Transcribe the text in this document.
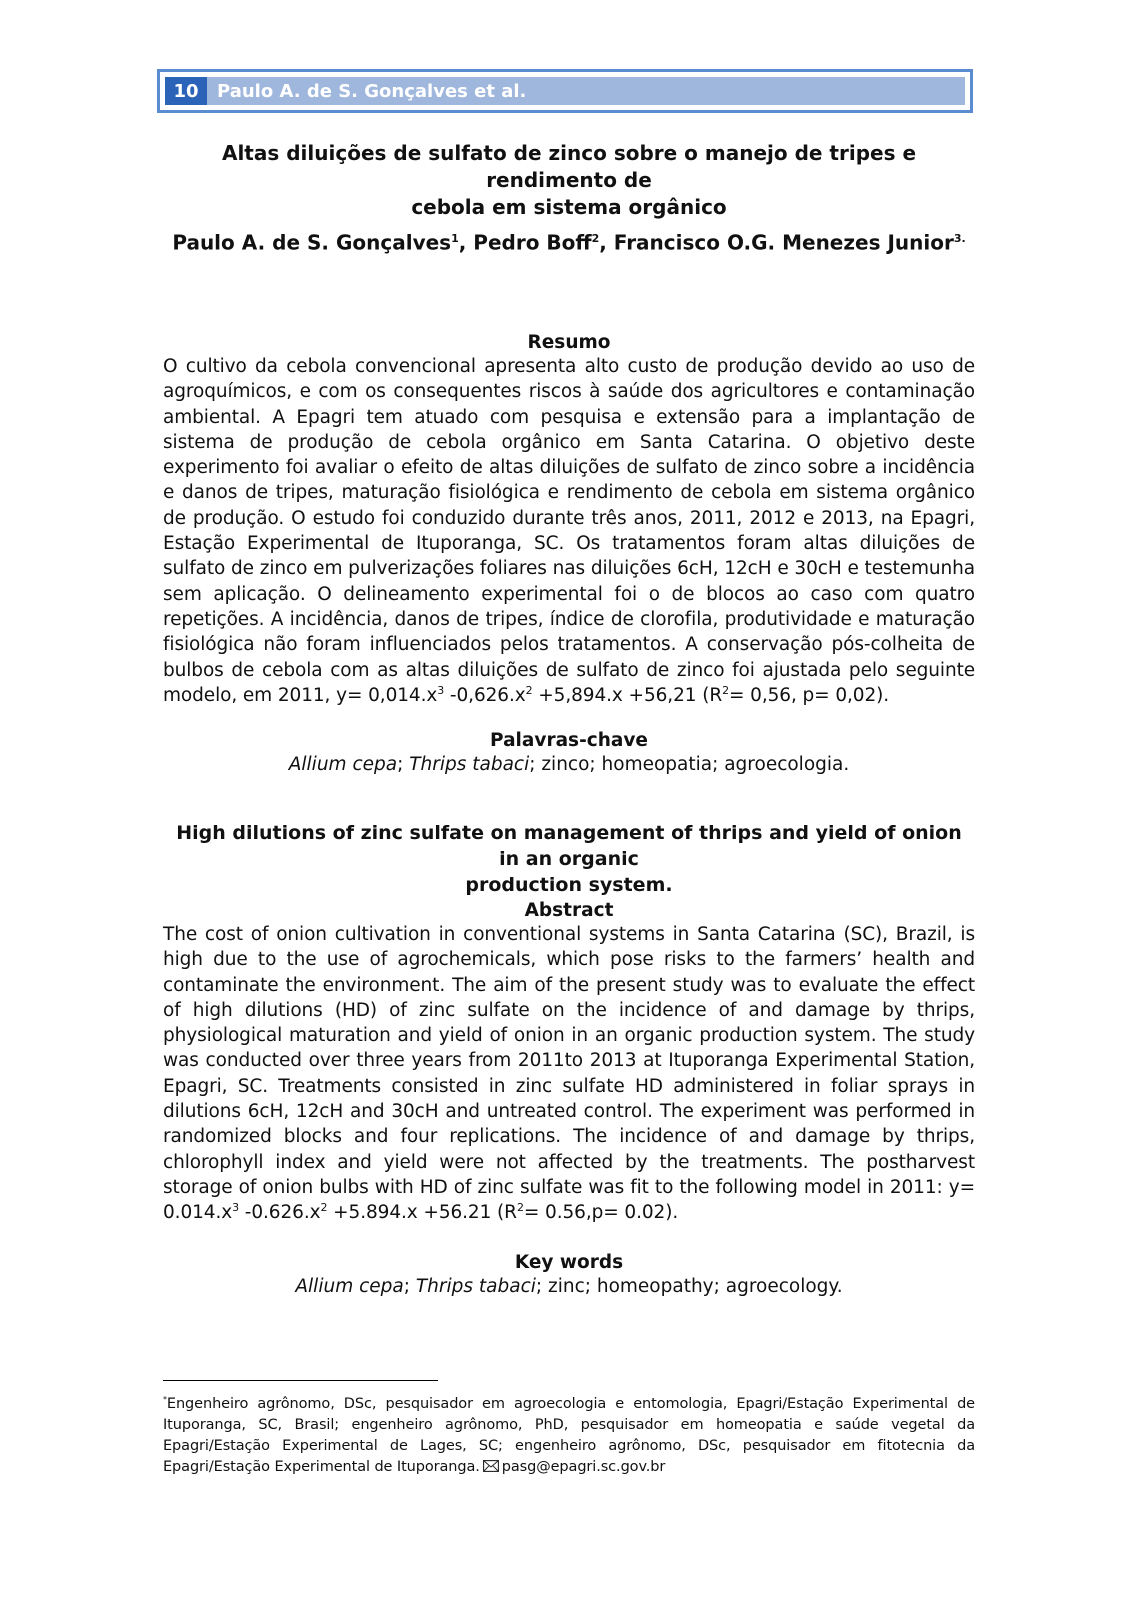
10	Paulo A. de S. Gonçalves et al.
Altas diluições de sulfato de zinco sobre o manejo de tripes e rendimento de
cebola em sistema orgânico
Paulo A. de S. Gonçalves$^1$, Pedro Boff$^2$, Francisco O.G. Menezes Junior$^{3.}$
Resumo
O cultivo da cebola convencional apresenta alto custo de produção devido ao uso de agroquímicos, e com os consequentes riscos à saúde dos agricultores e contaminação ambiental. A Epagri tem atuado com pesquisa e extensão para a implantação de sistema de produção de cebola orgânico em Santa Catarina. O objetivo deste experimento foi avaliar o efeito de altas diluições de sulfato de zinco sobre a incidência e danos de tripes, maturação fisiológica e rendimento de cebola em sistema orgânico de produção. O estudo foi conduzido durante três anos, 2011, 2012 e 2013, na Epagri, Estação Experimental de Ituporanga, SC. Os tratamentos foram altas diluições de sulfato de zinco em pulverizações foliares nas diluições 6cH, 12cH e 30cH e testemunha sem aplicação. O delineamento experimental foi o de blocos ao caso com quatro repetições. A incidência, danos de tripes, índice de clorofila, produtividade e maturação fisiológica não foram influenciados pelos tratamentos. A conservação pós-colheita de bulbos de cebola com as altas diluições de sulfato de zinco foi ajustada pelo seguinte modelo, em 2011, $y= 0,014.x^3$ $-0,626.x^2 +5,894.x +56,21$ ($R^2= 0,56$, p= 0,02).
Palavras-chave
Allium cepa; Thrips tabaci; zinco; homeopatia; agroecologia.
High dilutions of zinc sulfate on management of thrips and yield of onion in an organic
production system.
Abstract
The cost of onion cultivation in conventional systems in Santa Catarina (SC), Brazil, is high due to the use of agrochemicals, which pose risks to the farmers’ health and contaminate the environment. The aim of the present study was to evaluate the effect of high dilutions (HD) of zinc sulfate on the incidence of and damage by thrips, physiological maturation and yield of onion in an organic production system. The study was conducted over three years from 2011to 2013 at Ituporanga Experimental Station, Epagri, SC. Treatments consisted in zinc sulfate HD administered in foliar sprays in dilutions 6cH, 12cH and 30cH and untreated control. The experiment was performed in randomized blocks and four replications. The incidence of and damage by thrips, chlorophyll index and yield were not affected by the treatments. The postharvest storage of onion bulbs with HD of zinc sulfate was fit to the following model in 2011: $y= 0.014.x^3$ $-0.626.x^2 +5.894.x +56.21$ $(R^2= 0.56,p= 0.02)$.
Key words
Allium cepa; Thrips tabaci; zinc; homeopathy; agroecology.
*Engenheiro agrônomo, DSc, pesquisador em agroecologia e entomologia, Epagri/Estação Experimental de Ituporanga, SC, Brasil; engenheiro agrônomo, PhD, pesquisador em homeopatia e saúde vegetal da Epagri/Estação Experimental de Lages, SC; engenheiro agrônomo, DSc, pesquisador em fitotecnia da Epagri/Estação Experimental de Ituporanga. pasg@epagri.sc.gov.br
